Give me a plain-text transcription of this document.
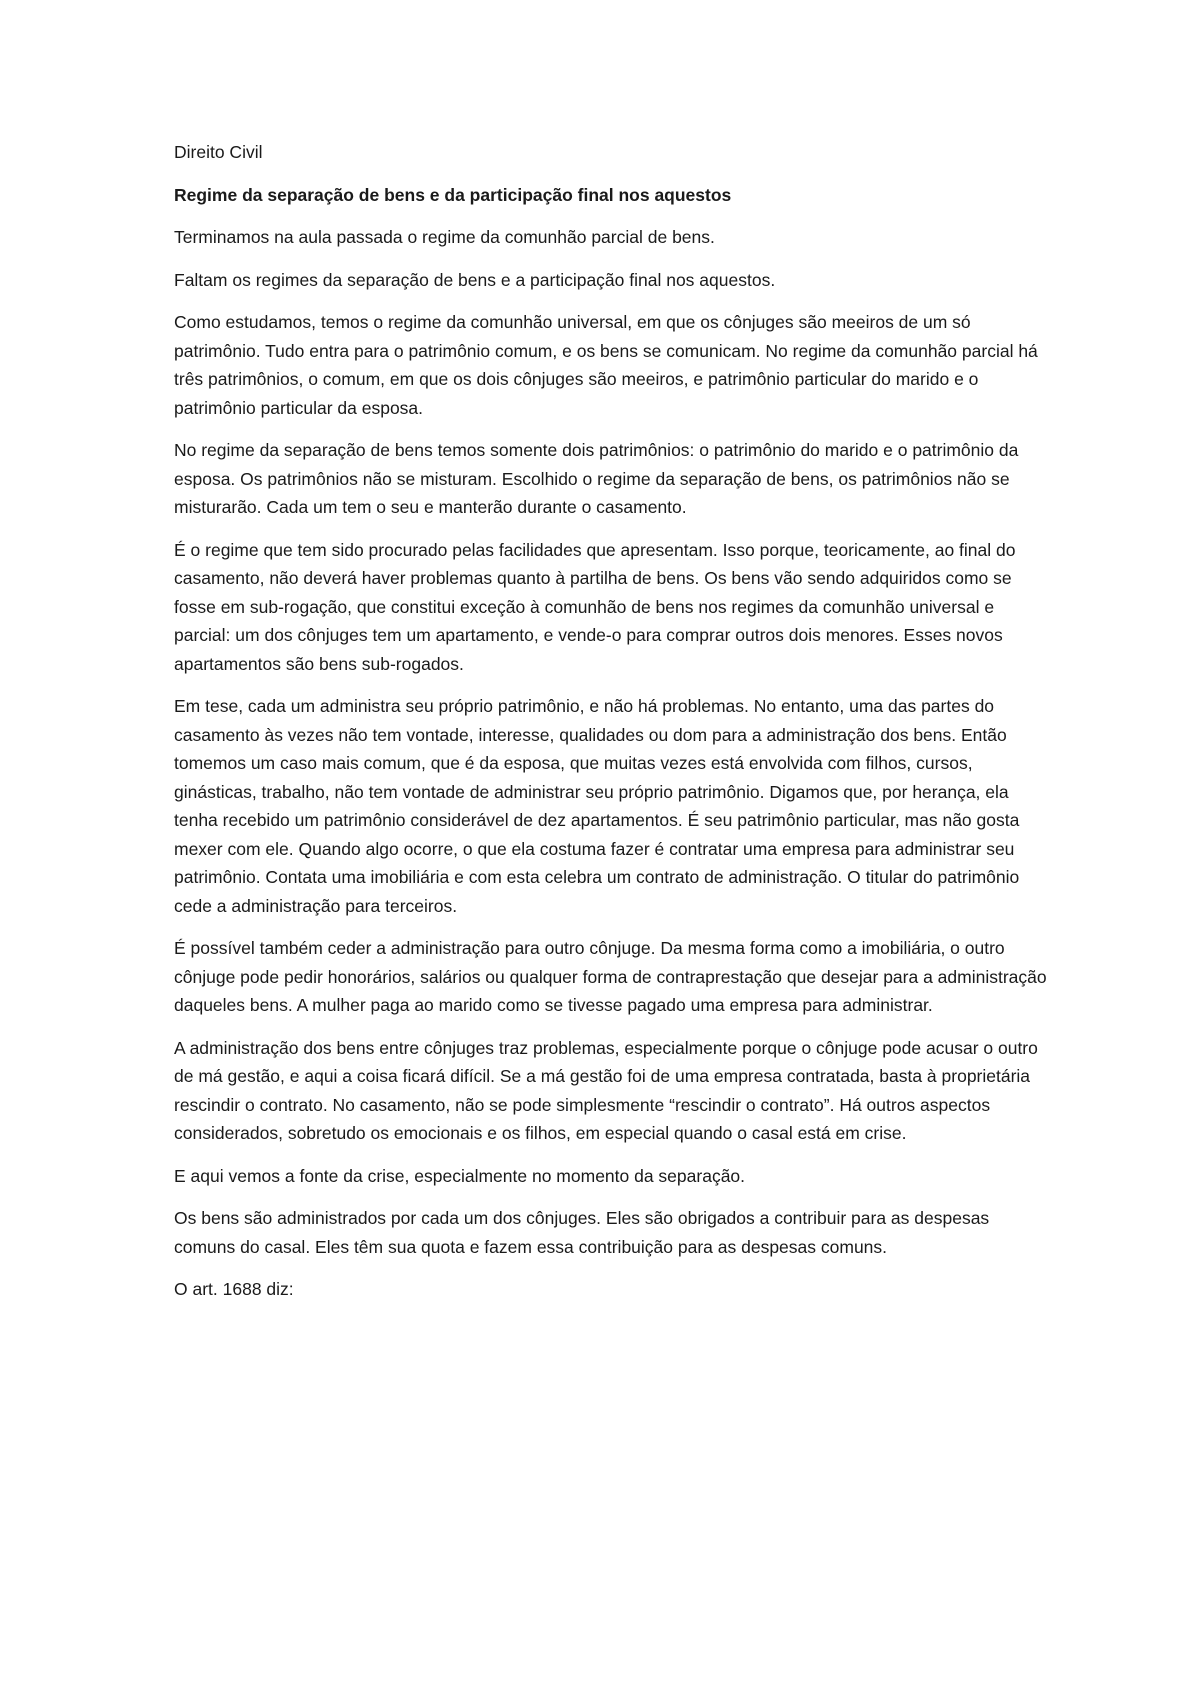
Direito Civil
Regime da separação de bens e da participação final nos aquestos

Terminamos na aula passada o regime da comunhão parcial de bens.

Faltam os regimes da separação de bens e a participação final nos aquestos.

Como estudamos, temos o regime da comunhão universal, em que os cônjuges são meeiros de um só patrimônio. Tudo entra para o patrimônio comum, e os bens se comunicam. No regime da comunhão parcial há três patrimônios, o comum, em que os dois cônjuges são meeiros, e patrimônio particular do marido e o patrimônio particular da esposa.

No regime da separação de bens temos somente dois patrimônios: o patrimônio do marido e o patrimônio da esposa. Os patrimônios não se misturam. Escolhido o regime da separação de bens, os patrimônios não se misturarão. Cada um tem o seu e manterão durante o casamento.

É o regime que tem sido procurado pelas facilidades que apresentam. Isso porque, teoricamente, ao final do casamento, não deverá haver problemas quanto à partilha de bens. Os bens vão sendo adquiridos como se fosse em sub-rogação, que constitui exceção à comunhão de bens nos regimes da comunhão universal e parcial: um dos cônjuges tem um apartamento, e vende-o para comprar outros dois menores. Esses novos apartamentos são bens sub-rogados.

Em tese, cada um administra seu próprio patrimônio, e não há problemas. No entanto, uma das partes do casamento às vezes não tem vontade, interesse, qualidades ou dom para a administração dos bens. Então tomemos um caso mais comum, que é da esposa, que muitas vezes está envolvida com filhos, cursos, ginásticas, trabalho, não tem vontade de administrar seu próprio patrimônio. Digamos que, por herança, ela tenha recebido um patrimônio considerável de dez apartamentos. É seu patrimônio particular, mas não gosta mexer com ele. Quando algo ocorre, o que ela costuma fazer é contratar uma empresa para administrar seu patrimônio. Contata uma imobiliária e com esta celebra um contrato de administração. O titular do patrimônio cede a administração para terceiros.

É possível também ceder a administração para outro cônjuge. Da mesma forma como a imobiliária, o outro cônjuge pode pedir honorários, salários ou qualquer forma de contraprestação que desejar para a administração daqueles bens. A mulher paga ao marido como se tivesse pagado uma empresa para administrar.

A administração dos bens entre cônjuges traz problemas, especialmente porque o cônjuge pode acusar o outro de má gestão, e aqui a coisa ficará difícil. Se a má gestão foi de uma empresa contratada, basta à proprietária rescindir o contrato. No casamento, não se pode simplesmente “rescindir o contrato”. Há outros aspectos considerados, sobretudo os emocionais e os filhos, em especial quando o casal está em crise.

E aqui vemos a fonte da crise, especialmente no momento da separação.

Os bens são administrados por cada um dos cônjuges. Eles são obrigados a contribuir para as despesas comuns do casal. Eles têm sua quota e fazem essa contribuição para as despesas comuns.

O art. 1688 diz:
